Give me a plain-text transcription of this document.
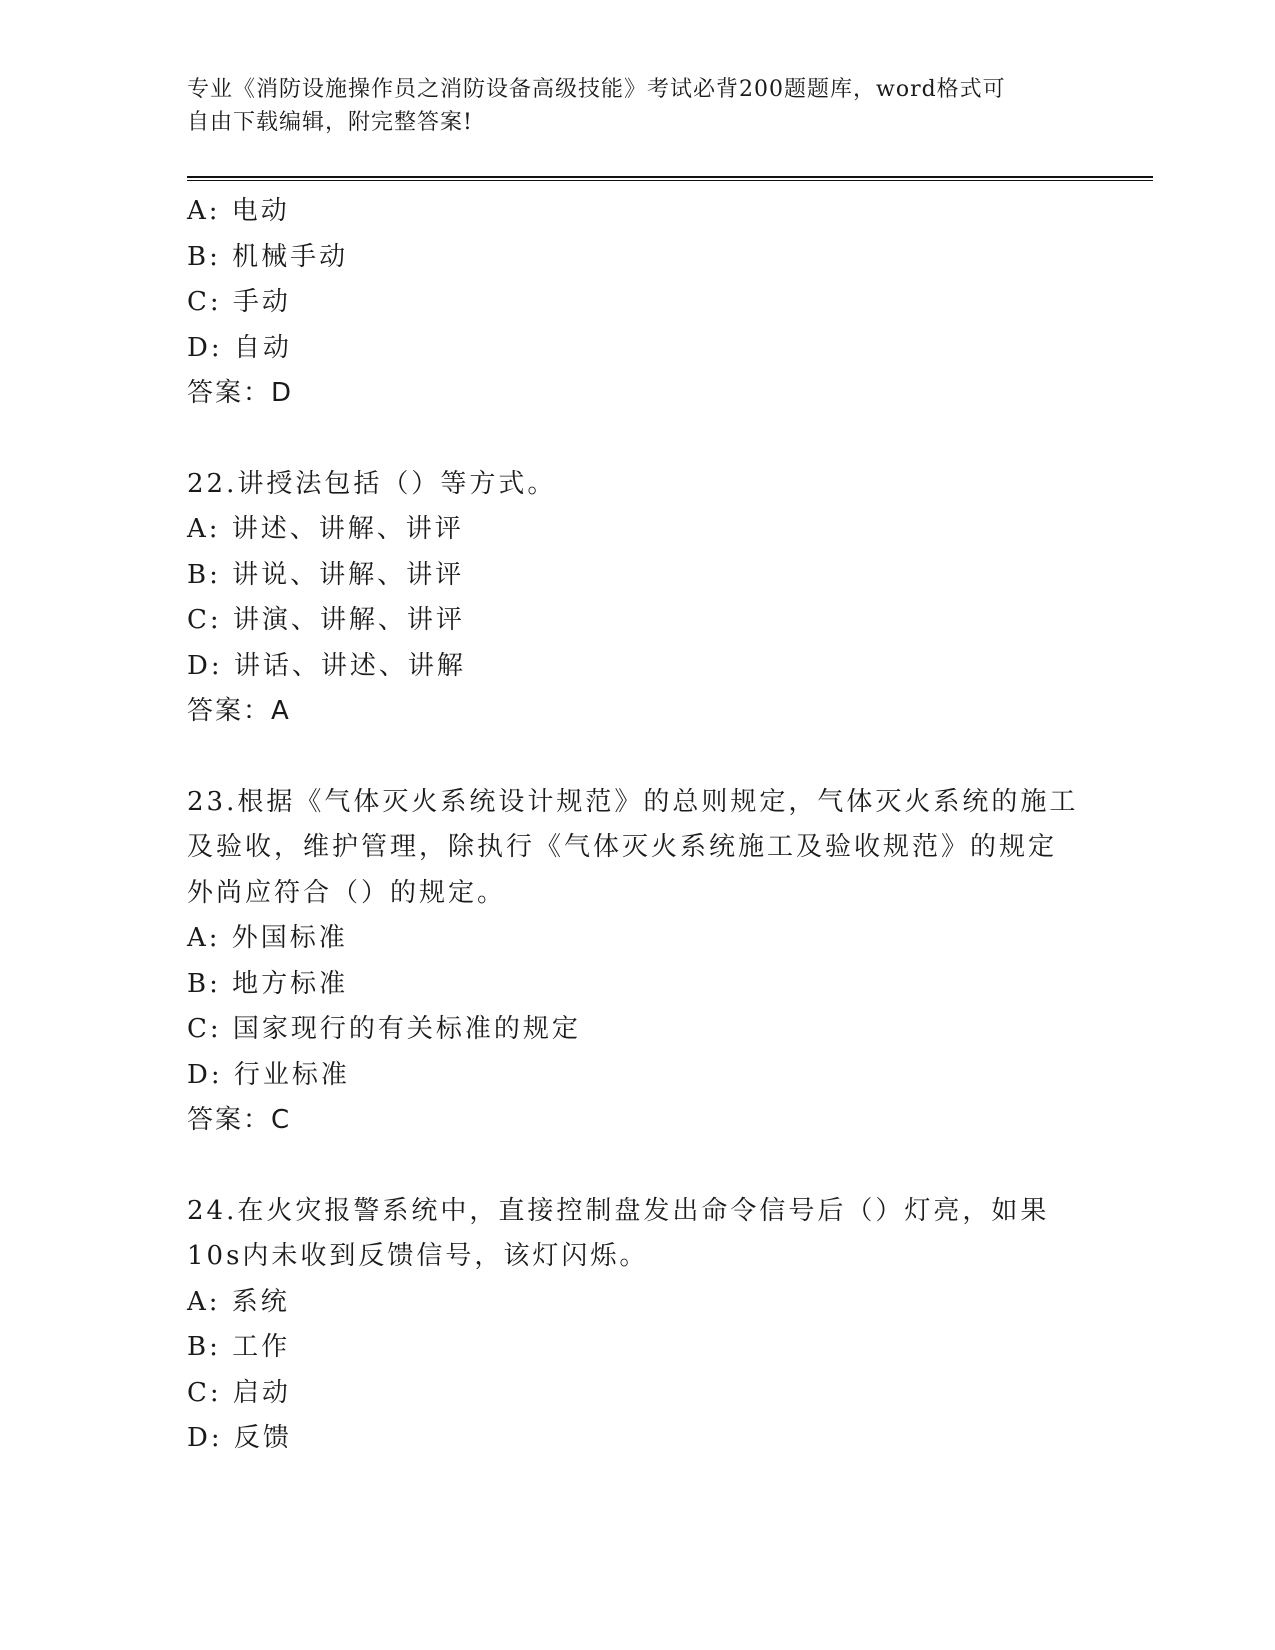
专业《消防设施操作员之消防设备高级技能》考试必背200题题库，word格式可
自由下载编辑，附完整答案!
A: 电动
B: 机械手动
C: 手动
D: 自动
答案：D
22.讲授法包括（）等方式。
A: 讲述、讲解、讲评
B: 讲说、讲解、讲评
C: 讲演、讲解、讲评
D: 讲话、讲述、讲解
答案：A
23.根据《气体灭火系统设计规范》的总则规定，气体灭火系统的施工
及验收，维护管理，除执行《气体灭火系统施工及验收规范》的规定
外尚应符合（）的规定。
A: 外国标准
B: 地方标准
C: 国家现行的有关标准的规定
D: 行业标准
答案：C
24.在火灾报警系统中，直接控制盘发出命令信号后（）灯亮，如果
10s内未收到反馈信号，该灯闪烁。
A: 系统
B: 工作
C: 启动
D: 反馈
